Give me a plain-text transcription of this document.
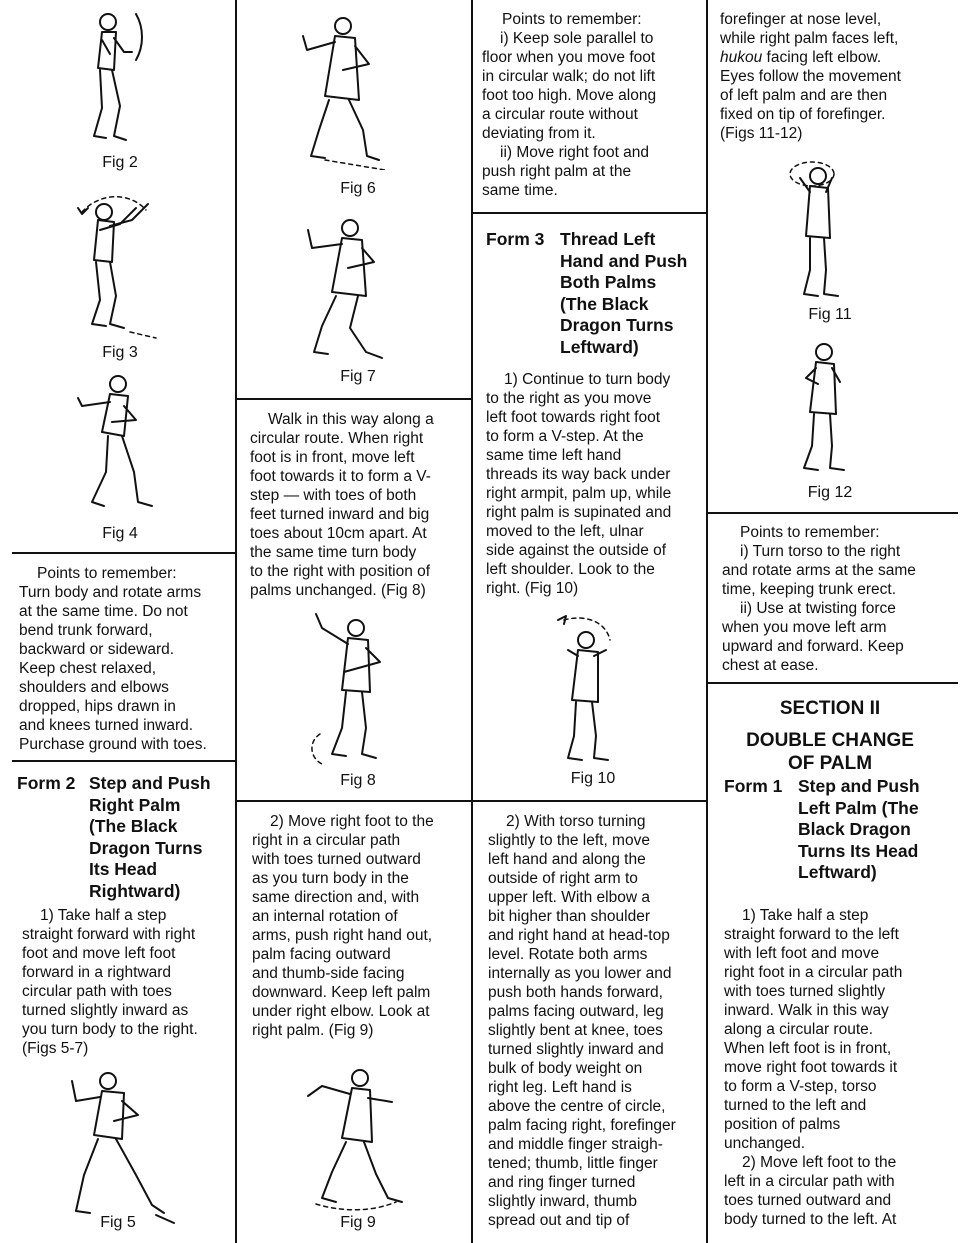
Fig 2
Fig 3
Fig 4

Points to remember:

Turn body and rotate arms

at the same time. Do not

bend trunk forward,

backward or sideward.

Keep chest relaxed,

shoulders and elbows

dropped, hips drawn in

and knees turned inward.

Purchase ground with toes.

Form 2 Step and Push
Right Palm
(The Black
Dragon Turns
Its Head
Rightward)

1) Take half a step

straight forward with right

foot and move left foot

forward in a rightward

circular path with toes

turned slightly inward as

you turn body to the right.

(Figs 5-7)

Fig 5
Fig 6
Fig 7

Walk in this way along a

circular route. When right

foot is in front, move left

foot towards it to form a V-

step — with toes of both

feet turned inward and big

toes about 10cm apart. At

the same time turn body

to the right with position of

palms unchanged. (Fig 8)

Fig 8

2) Move right foot to the

right in a circular path

with toes turned outward

as you turn body in the

same direction and, with

an internal rotation of

arms, push right hand out,

palm facing outward

and thumb-side facing

downward. Keep left palm

under right elbow. Look at

right palm. (Fig 9)

Fig 9

Points to remember:

i) Keep sole parallel to

floor when you move foot

in circular walk; do not lift

foot too high. Move along

a circular route without

deviating from it.

ii) Move right foot and

push right palm at the

same time.

Form 3 Thread Left
Hand and Push
Both Palms
(The Black
Dragon Turns
Leftward)

1) Continue to turn body

to the right as you move

left foot towards right foot

to form a V-step. At the

same time left hand

threads its way back under

right armpit, palm up, while

right palm is supinated and

moved to the left, ulnar

side against the outside of

left shoulder. Look to the

right. (Fig 10)

Fig 10

2) With torso turning

slightly to the left, move

left hand and along the

outside of right arm to

upper left. With elbow a

bit higher than shoulder

and right hand at head-top

level. Rotate both arms

internally as you lower and

push both hands forward,

palms facing outward, leg

slightly bent at knee, toes

turned slightly inward and

bulk of body weight on

right leg. Left hand is

above the centre of circle,

palm facing right, forefinger

and middle finger straigh-

tened; thumb, little finger

and ring finger turned

slightly inward, thumb

spread out and tip of

forefinger at nose level,

while right palm faces left,

hukou facing left elbow.

Eyes follow the movement

of left palm and are then

fixed on tip of forefinger.

(Figs 11-12)

Fig 11
Fig 12

Points to remember:

i) Turn torso to the right

and rotate arms at the same

time, keeping trunk erect.

ii) Use at twisting force

when you move left arm

upward and forward. Keep

chest at ease.

SECTION II
DOUBLE CHANGE
OF PALM
Form 1 Step and Push
Left Palm (The
Black Dragon
Turns Its Head
Leftward)

1) Take half a step

straight forward to the left

with left foot and move

right foot in a circular path

with toes turned slightly

inward. Walk in this way

along a circular route.

When left foot is in front,

move right foot towards it

to form a V-step, torso

turned to the left and

position of palms

unchanged.

2) Move left foot to the

left in a circular path with

toes turned outward and

body turned to the left. At
